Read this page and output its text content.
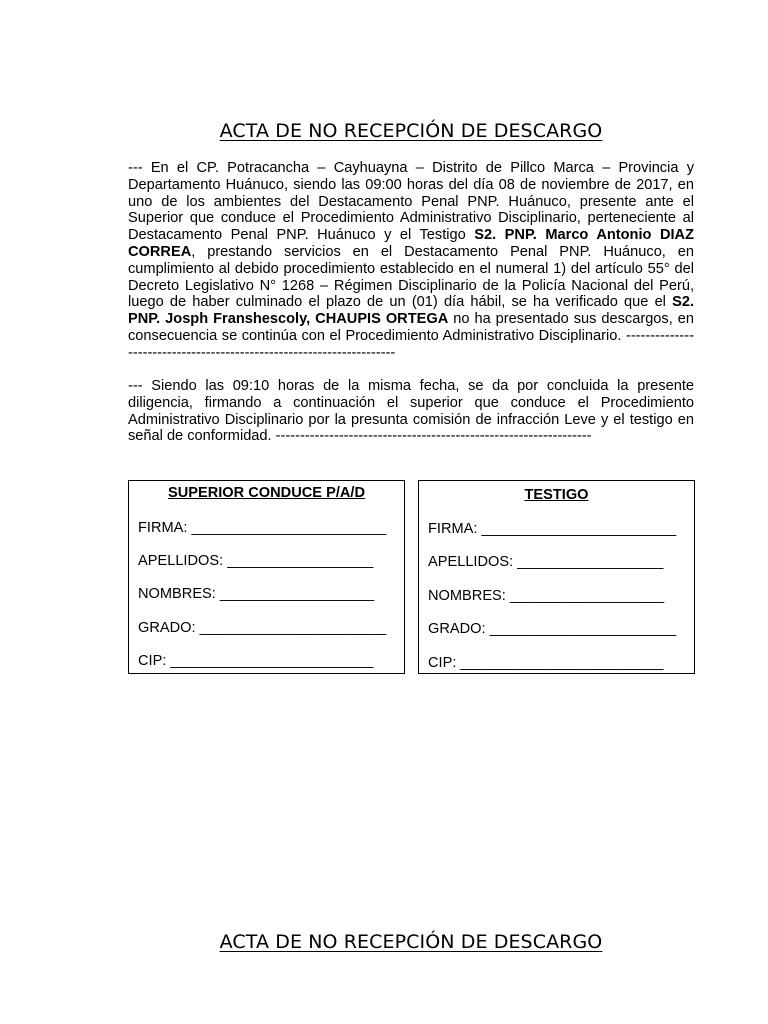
ACTA DE NO RECEPCIÓN DE DESCARGO
--- En el CP. Potracancha – Cayhuayna – Distrito de Pillco Marca – Provincia y Departamento Huánuco, siendo las 09:00 horas del día 08 de noviembre de 2017, en uno de los ambientes del Destacamento Penal PNP. Huánuco, presente ante el Superior que conduce el Procedimiento Administrativo Disciplinario, perteneciente al Destacamento Penal PNP. Huánuco y el Testigo S2. PNP. Marco Antonio DIAZ CORREA, prestando servicios en el Destacamento Penal PNP. Huánuco, en cumplimiento al debido procedimiento establecido en el numeral 1) del artículo 55° del Decreto Legislativo N° 1268 – Régimen Disciplinario de la Policía Nacional del Perú, luego de haber culminado el plazo de un (01) día hábil, se ha verificado que el S2. PNP. Josph Franshescoly, CHAUPIS ORTEGA no ha presentado sus descargos, en consecuencia se continúa con el Procedimiento Administrativo Disciplinario. ---------------------------------------------------------------------
--- Siendo las 09:10 horas de la misma fecha, se da por concluida la presente diligencia, firmando a continuación el superior que conduce el Procedimiento Administrativo Disciplinario por la presunta comisión de infracción Leve y el testigo en señal de conformidad. -----------------------------------------------------------------
SUPERIOR CONDUCE P/A/D
FIRMA: ________________________
APELLIDOS: __________________
NOMBRES: ___________________
GRADO: _______________________
CIP: _________________________
TESTIGO
FIRMA: ________________________
APELLIDOS: __________________
NOMBRES: ___________________
GRADO: _______________________
CIP: _________________________
ACTA DE NO RECEPCIÓN DE DESCARGO
